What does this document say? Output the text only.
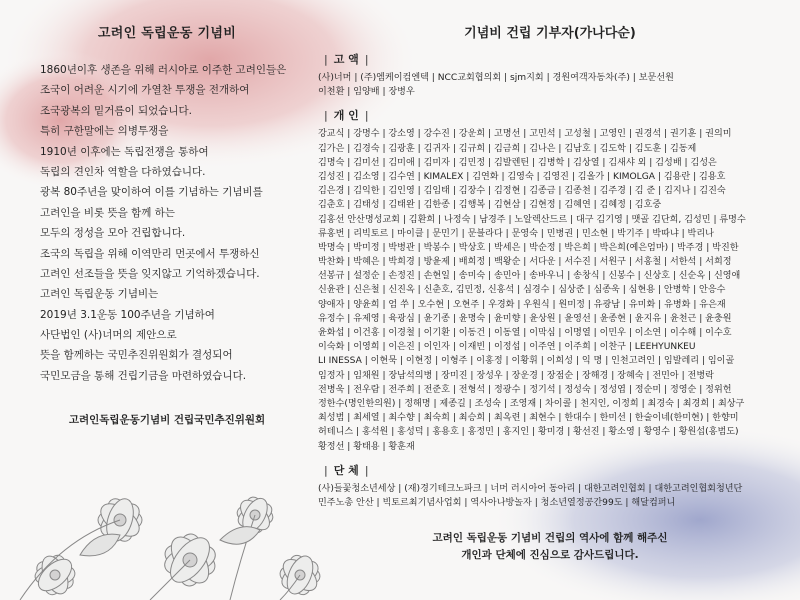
고려인 독립운동 기념비
1860년이후 생존을 위해 러시아로 이주한 고려인들은
조국이 어려운 시기에 가열찬 투쟁을 전개하여
조국광복의 밑거름이 되었습니다.
특히 구한말에는 의병투쟁을
1910년 이후에는 독립전쟁을 통하여
독립의 견인차 역할을 다하였습니다.
광복 80주년을 맞이하여 이를 기념하는 기념비를
고려인을 비롯 뜻을 함께 하는
모두의 정성을 모아 건립합니다.
조국의 독립을 위해 이역만리 먼곳에서 투쟁하신
고려인 선조들을 뜻을 잊지않고 기억하겠습니다.
고려인 독립운동 기념비는
2019년 3.1운동 100주년을 기념하여
사단법인 (사)너머의 제안으로
뜻을 함께하는 국민추진위원회가 결성되어
국민모금을 통해 건립기금을 마련하였습니다.
고려인독립운동기념비 건립국민추진위원회
기념비 건립 기부자(가나다순)
| 고 액 |
(사)너머 | (주)엠케이컴엔텍 | NCC교회협의회 | sjm지회 | 경원여객자동차(주) | 보문선원
이천환 | 임양배 | 장병우
| 개 인 |
강교식 | 강명수 | 강소영 | 강수진 | 강운희 | 고명선 | 고민석 | 고성철 | 고영인 | 권경석 | 권기훈 | 권의미
김가은 | 김경숙 | 김광훈 | 김귀자 | 김규희 | 김금희 | 김나은 | 김남호 | 김도학 | 김도훈 | 김동제
김명숙 | 김미선 | 김미애 | 김미자 | 김민정 | 김발렌틴 | 김병학 | 김상열 | 김새샤 외 | 김성배 | 김성은
김성진 | 김소영 | 김수연 | KIMALEX | 김연화 | 김영숙 | 김영진 | 김올가 | KIMOLGA | 김용란 | 김용호
김은경 | 김익한 | 김인영 | 김임태 | 김장수 | 김정현 | 김종금 | 김종천 | 김주경 | 김 준 | 김지나 | 김진숙
김춘호 | 김태성 | 김태완 | 김한종 | 김행복 | 김현삼 | 김현정 | 김혜연 | 김혜정 | 김호중
김홍선 안산명성교회 | 김환희 | 나정숙 | 남경주 | 노알렉산드르 | 대구 김기영 | 맷골 김단희, 김성민 | 류명수
류홍번 | 리빅토르 | 마이클 | 문민기 | 문블라다 | 문영숙 | 민병권 | 민소현 | 박기주 | 박따냐 | 박리나
박명숙 | 박미정 | 박병관 | 박봉수 | 박상호 | 박세은 | 박순정 | 박은희 | 박은희(예은엄마) | 박주경 | 박진한
박찬화 | 박혜은 | 박희경 | 방윤제 | 배희정 | 백왕순 | 서다운 | 서수진 | 서원구 | 서홍철 | 서한석 | 서희정
선봉규 | 설정순 | 손정진 | 손현일 | 송미숙 | 송민아 | 송바우니 | 송창식 | 신봉수 | 신상호 | 신순옥 | 신영애
신윤관 | 신은철 | 신진옥 | 신춘호, 김민정, 신홍석 | 심경수 | 심상준 | 심종욱 | 심현용 | 안병학 | 안응수
양애자 | 양윤희 | 엄 쑤 | 오수현 | 오현주 | 우경화 | 우원식 | 원미정 | 유광남 | 유미화 | 유병화 | 유은재
유정수 | 유제영 | 육광심 | 윤기종 | 윤명숙 | 윤미향 | 윤상원 | 윤영선 | 윤종현 | 윤지유 | 윤천근 | 윤충원
윤화섭 | 이건홍 | 이경철 | 이기환 | 이동건 | 이동열 | 이막심 | 이명열 | 이민우 | 이소연 | 이수해 | 이수호
이숙화 | 이영희 | 이은진 | 이인자 | 이재빈 | 이정섭 | 이주연 | 이주희 | 이찬구 | LEEHYUNKEU
LI INESSA | 이현묵 | 이현정 | 이형주 | 이홍정 | 이황휘 | 이희성 | 익 명 | 인천고려인 | 임발레리 | 임이골
임정자 | 임채원 | 장남석의병 | 장미진 | 장성우 | 장운경 | 장점순 | 장해경 | 장혜숙 | 전민아 | 전병락
전병욱 | 전우람 | 전주희 | 전준호 | 전형석 | 정광수 | 정기석 | 정성숙 | 정성엽 | 정순미 | 정영순 | 정위헌
정한수(명인한의원) | 정해명 | 제종길 | 조성숙 | 조영재 | 차이콜 | 천지인, 이정희 | 최경숙 | 최경희 | 최상구
최성범 | 최세열 | 최수향 | 최숙희 | 최승희 | 최옥련 | 최현수 | 한대수 | 한미선 | 한술이네(한미현) | 한향미
허테니스 | 홍석원 | 홍성덕 | 홍용호 | 홍정민 | 홍지인 | 황미경 | 황선진 | 황소영 | 황영수 | 황원섭(홍범도)
황정선 | 황태용 | 황훈재
| 단 체 |
(사)들꽃청소년세상 | (재)경기테크노파크 | 너머 러시아어 동아리 | 대한고려인협회 | 대한고려인협회청년단
민주노총 안산 | 빅토르최기념사업회 | 역사아나방놀자 | 청소년열정공간99도 | 해달컴퍼니
고려인 독립운동 기념비 건립의 역사에 함께 해주신
개인과 단체에 진심으로 감사드립니다.
